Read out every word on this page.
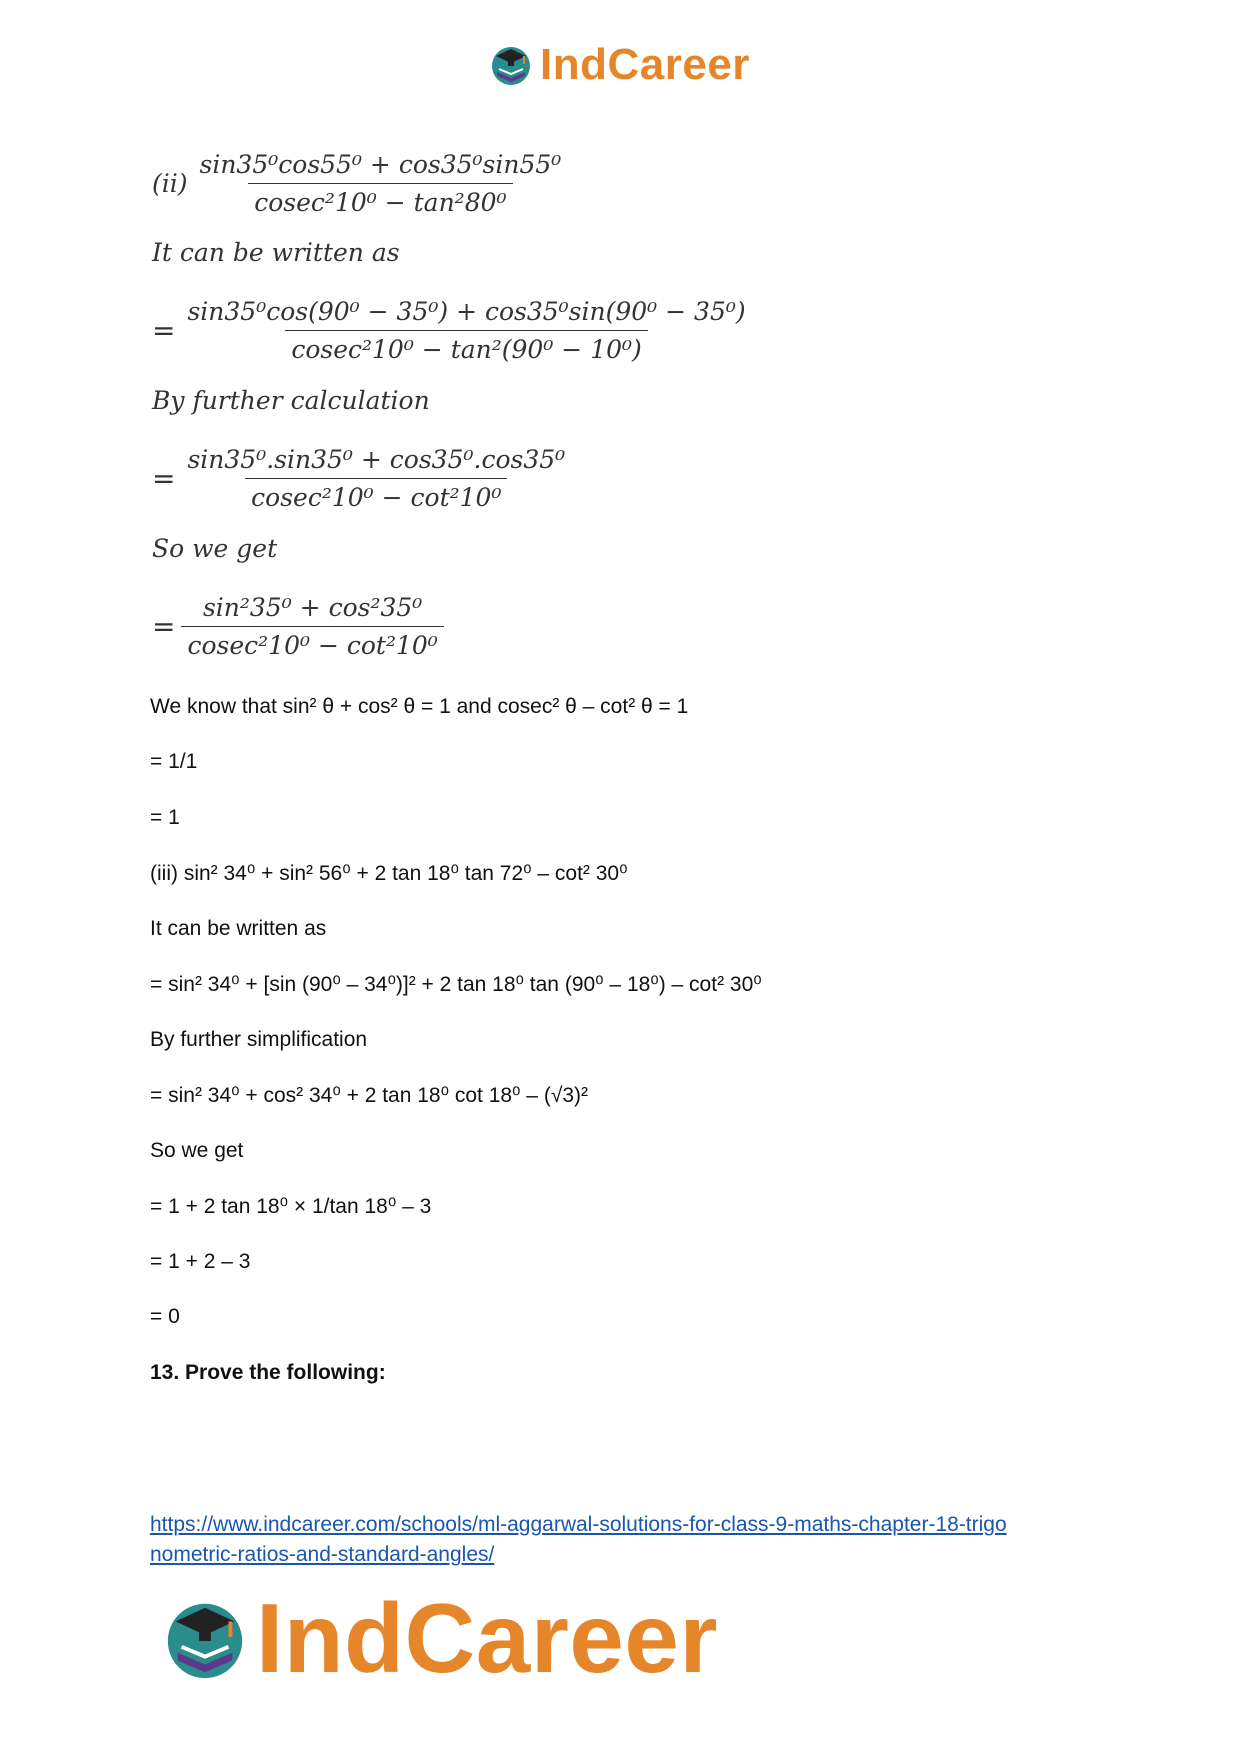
IndCareer
$(ii) \frac{\text{sin35⁰cos55⁰ + cos35⁰sin55⁰}}{\text{cosec²10⁰ − tan²80⁰}}$
It can be written as
= $\frac{\text{sin35⁰cos(90⁰ − 35⁰) + cos35⁰sin(90⁰ − 35⁰)}}{\text{cosec²10⁰ − tan²(90⁰ − 10⁰)}}$
By further calculation
= $\frac{\text{sin35⁰.sin35⁰ + cos35⁰.cos35⁰}}{\text{cosec²10⁰ − cot²10⁰}}$
So we get
= $\frac{\text{sin²35⁰ + cos²35⁰}}{\text{cosec²10⁰ − cot²10⁰}}$
We know that sin² θ + cos² θ = 1 and cosec² θ – cot² θ = 1
= 1/1
= 1
(iii) sin² 34⁰ + sin² 56⁰ + 2 tan 18⁰ tan 72⁰ – cot² 30⁰
It can be written as
= sin² 34⁰ + [sin (90⁰ – 34⁰)]² + 2 tan 18⁰ tan (90⁰ – 18⁰) – cot² 30⁰
By further simplification
= sin² 34⁰ + cos² 34⁰ + 2 tan 18⁰ cot 18⁰ – (√3)²
So we get
= 1 + 2 tan 18⁰ × 1/tan 18⁰ – 3
= 1 + 2 – 3
= 0
13. Prove the following:
https://www.indcareer.com/schools/ml-aggarwal-solutions-for-class-9-maths-chapter-18-trigo
nometric-ratios-and-standard-angles/
IndCareer
